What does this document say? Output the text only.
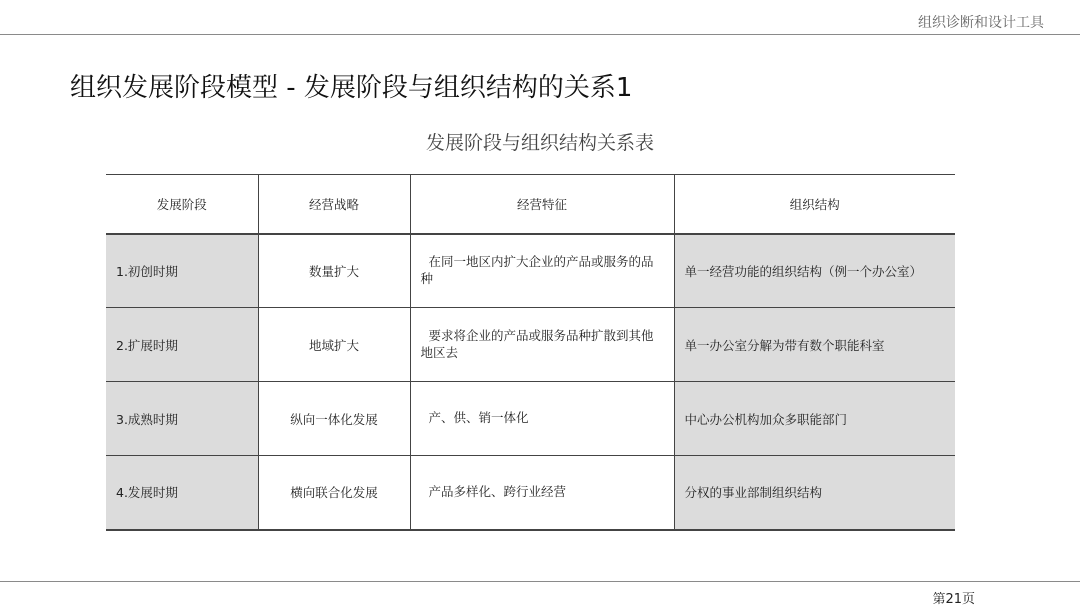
组织诊断和设计工具
组织发展阶段模型 - 发展阶段与组织结构的关系1
发展阶段与组织结构关系表
发展阶段	经营战略	经营特征	组织结构
1.初创时期	数量扩大	在同一地区内扩大企业的产品或服务的品种	单一经营功能的组织结构（例一个办公室）
2.扩展时期	地域扩大	要求将企业的产品或服务品种扩散到其他地区去	单一办公室分解为带有数个职能科室
3.成熟时期	纵向一体化发展	产、供、销一体化	中心办公机构加众多职能部门
4.发展时期	横向联合化发展	产品多样化、跨行业经营	分权的事业部制组织结构
第21页
